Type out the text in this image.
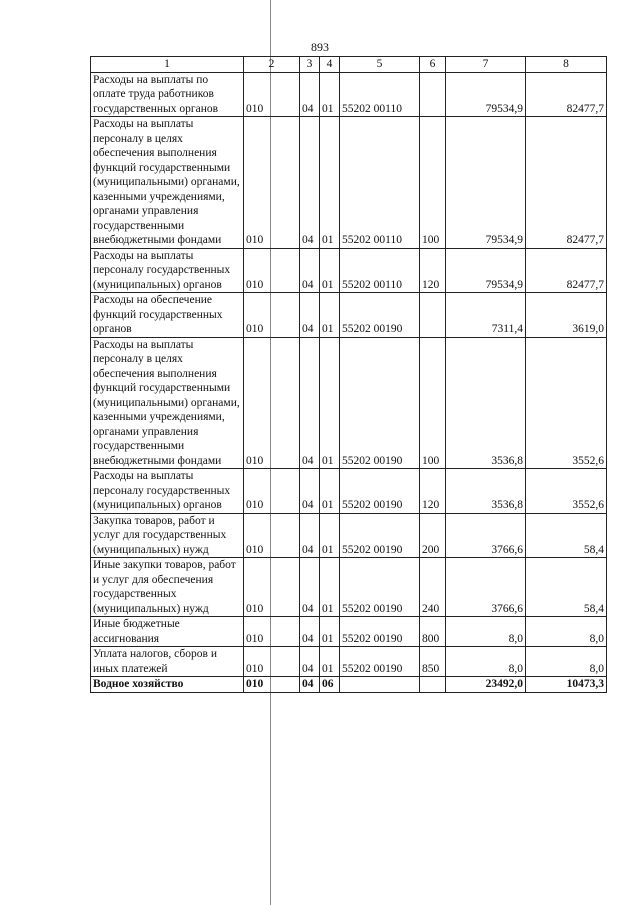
893
1	2	3	4	5	6	7	8
Расходы на выплаты по оплате труда работников государственных органов	010	04	01	55202 00110		79534,9	82477,7
Расходы на выплаты персоналу в целях обеспечения выполнения функций государственными (муниципальными) органами, казенными учреждениями, органами управления государственными внебюджетными фондами	010	04	01	55202 00110	100	79534,9	82477,7
Расходы на выплаты персоналу государственных (муниципальных) органов	010	04	01	55202 00110	120	79534,9	82477,7
Расходы на обеспечение функций государственных органов	010	04	01	55202 00190		7311,4	3619,0
Расходы на выплаты персоналу в целях обеспечения выполнения функций государственными (муниципальными) органами, казенными учреждениями, органами управления государственными внебюджетными фондами	010	04	01	55202 00190	100	3536,8	3552,6
Расходы на выплаты персоналу государственных (муниципальных) органов	010	04	01	55202 00190	120	3536,8	3552,6
Закупка товаров, работ и услуг для государственных (муниципальных) нужд	010	04	01	55202 00190	200	3766,6	58,4
Иные закупки товаров, работ и услуг для обеспечения государственных (муниципальных) нужд	010	04	01	55202 00190	240	3766,6	58,4
Иные бюджетные ассигнования	010	04	01	55202 00190	800	8,0	8,0
Уплата налогов, сборов и иных платежей	010	04	01	55202 00190	850	8,0	8,0
Водное хозяйство	010	04	06			23492,0	10473,3
